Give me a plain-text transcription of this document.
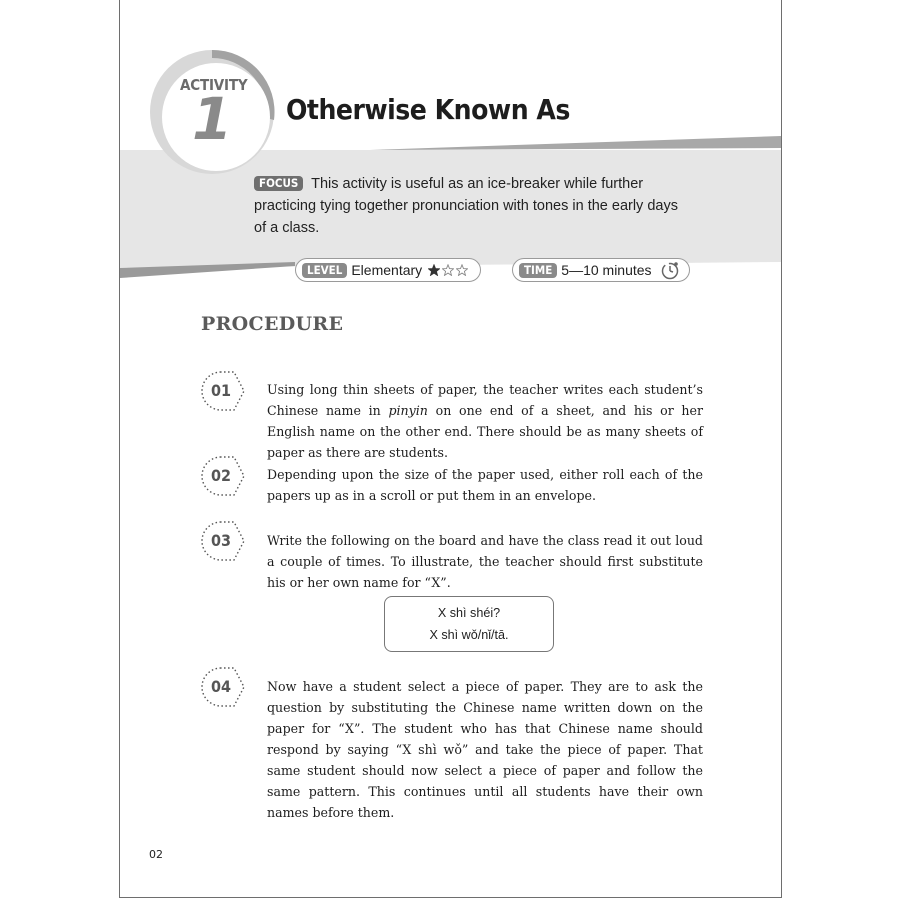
ACTIVITY
1 Otherwise Known As
FOCUS This activity is useful as an ice-breaker while further practicing tying together pronunciation with tones in the early days of a class.
LEVEL Elementary	TIME 5—10 minutes
PROCEDURE
01	Using long thin sheets of paper, the teacher writes each student’s Chinese name in pinyin on one end of a sheet, and his or her English name on the other end. There should be as many sheets of paper as there are students.
02	Depending upon the size of the paper used, either roll each of the papers up as in a scroll or put them in an envelope.
03	Write the following on the board and have the class read it out loud a couple of times. To illustrate, the teacher should first substitute his or her own name for “X”.
X shì shéi?
X shì wǒ/nǐ/tā.
04	Now have a student select a piece of paper. They are to ask the question by substituting the Chinese name written down on the paper for “X”. The student who has that Chinese name should respond by saying “X shì wǒ” and take the piece of paper. That same student should now select a piece of paper and follow the same pattern. This continues until all students have their own names before them.
02
